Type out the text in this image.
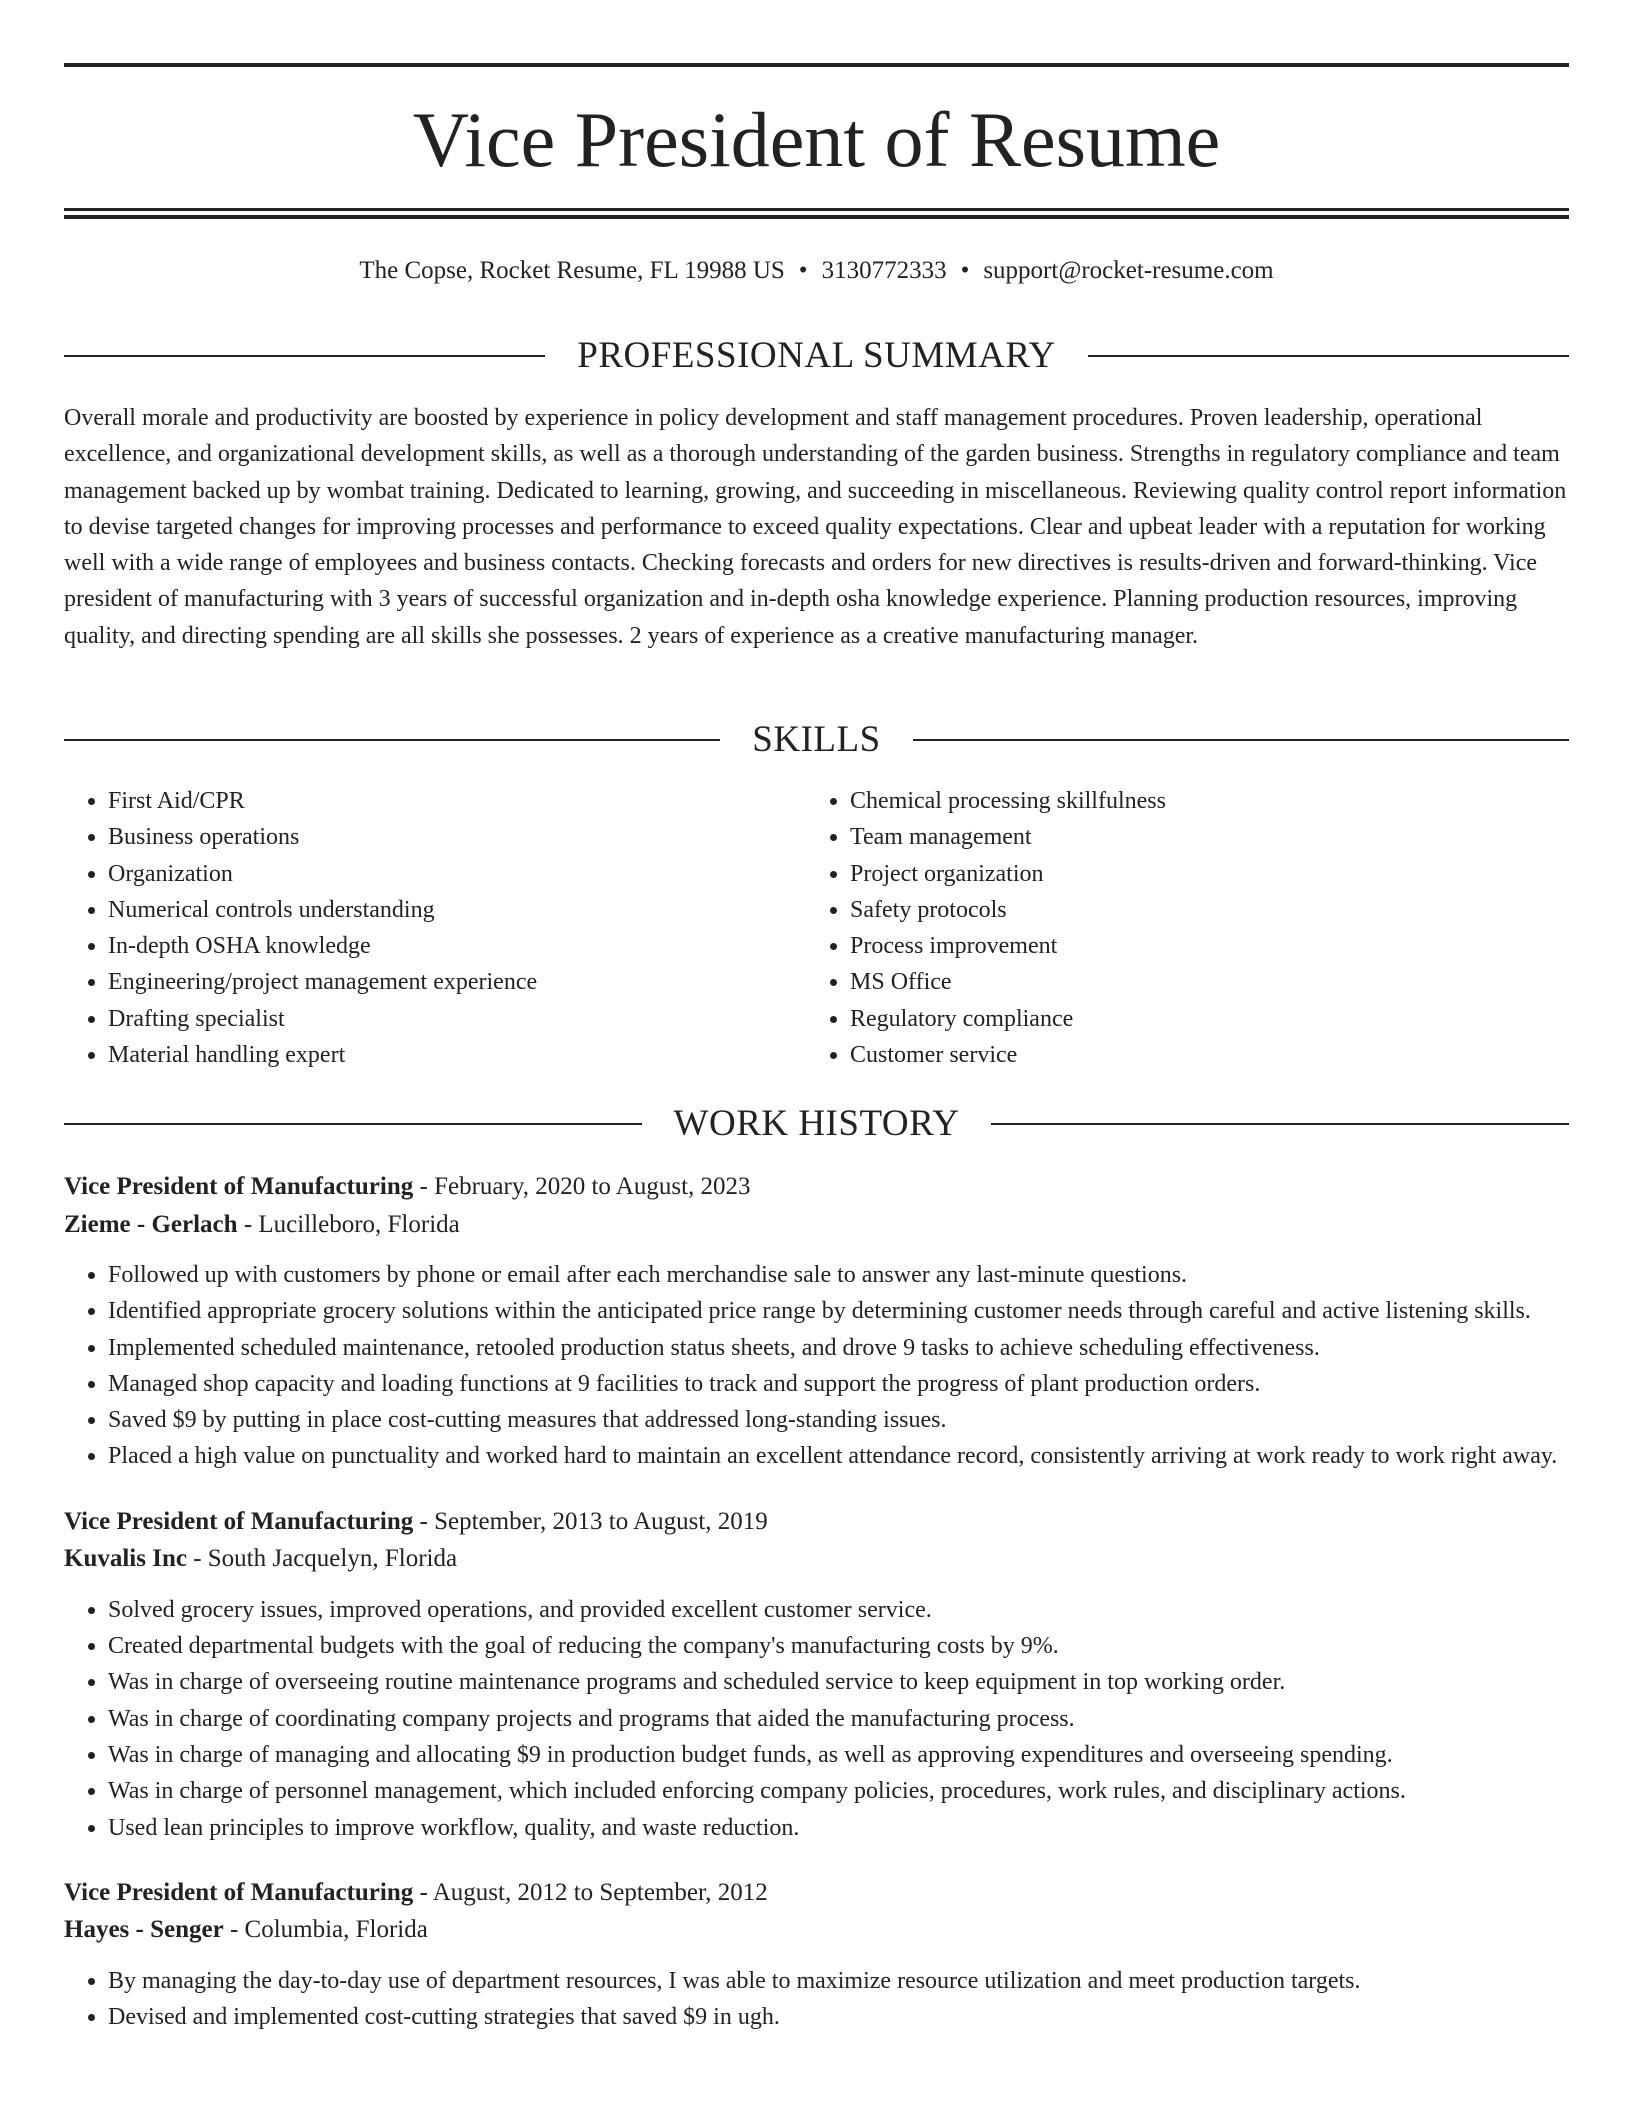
Vice President of Resume
The Copse, Rocket Resume, FL 19988 US • 3130772333 • support@rocket-resume.com
PROFESSIONAL SUMMARY

Overall morale and productivity are boosted by experience in policy development and staff management procedures. Proven leadership, operational excellence, and organizational development skills, as well as a thorough understanding of the garden business. Strengths in regulatory compliance and team management backed up by wombat training. Dedicated to learning, growing, and succeeding in miscellaneous. Reviewing quality control report information to devise targeted changes for improving processes and performance to exceed quality expectations. Clear and upbeat leader with a reputation for working well with a wide range of employees and business contacts. Checking forecasts and orders for new directives is results-driven and forward-thinking. Vice president of manufacturing with 3 years of successful organization and in-depth osha knowledge experience. Planning production resources, improving quality, and directing spending are all skills she possesses. 2 years of experience as a creative manufacturing manager.

SKILLS
• First Aid/CPR
• Business operations
• Organization
• Numerical controls understanding
• In-depth OSHA knowledge
• Engineering/project management experience
• Drafting specialist
• Material handling expert
• Chemical processing skillfulness
• Team management
• Project organization
• Safety protocols
• Process improvement
• MS Office
• Regulatory compliance
• Customer service
WORK HISTORY

Vice President of Manufacturing - February, 2020 to August, 2023

Zieme - Gerlach - Lucilleboro, Florida

• Followed up with customers by phone or email after each merchandise sale to answer any last-minute questions.
• Identified appropriate grocery solutions within the anticipated price range by determining customer needs through careful and active listening skills.
• Implemented scheduled maintenance, retooled production status sheets, and drove 9 tasks to achieve scheduling effectiveness.
• Managed shop capacity and loading functions at 9 facilities to track and support the progress of plant production orders.
• Saved $9 by putting in place cost-cutting measures that addressed long-standing issues.
• Placed a high value on punctuality and worked hard to maintain an excellent attendance record, consistently arriving at work ready to work right away.

Vice President of Manufacturing - September, 2013 to August, 2019

Kuvalis Inc - South Jacquelyn, Florida

• Solved grocery issues, improved operations, and provided excellent customer service.
• Created departmental budgets with the goal of reducing the company's manufacturing costs by 9%.
• Was in charge of overseeing routine maintenance programs and scheduled service to keep equipment in top working order.
• Was in charge of coordinating company projects and programs that aided the manufacturing process.
• Was in charge of managing and allocating $9 in production budget funds, as well as approving expenditures and overseeing spending.
• Was in charge of personnel management, which included enforcing company policies, procedures, work rules, and disciplinary actions.
• Used lean principles to improve workflow, quality, and waste reduction.

Vice President of Manufacturing - August, 2012 to September, 2012

Hayes - Senger - Columbia, Florida

• By managing the day-to-day use of department resources, I was able to maximize resource utilization and meet production targets.
• Devised and implemented cost-cutting strategies that saved $9 in ugh.
